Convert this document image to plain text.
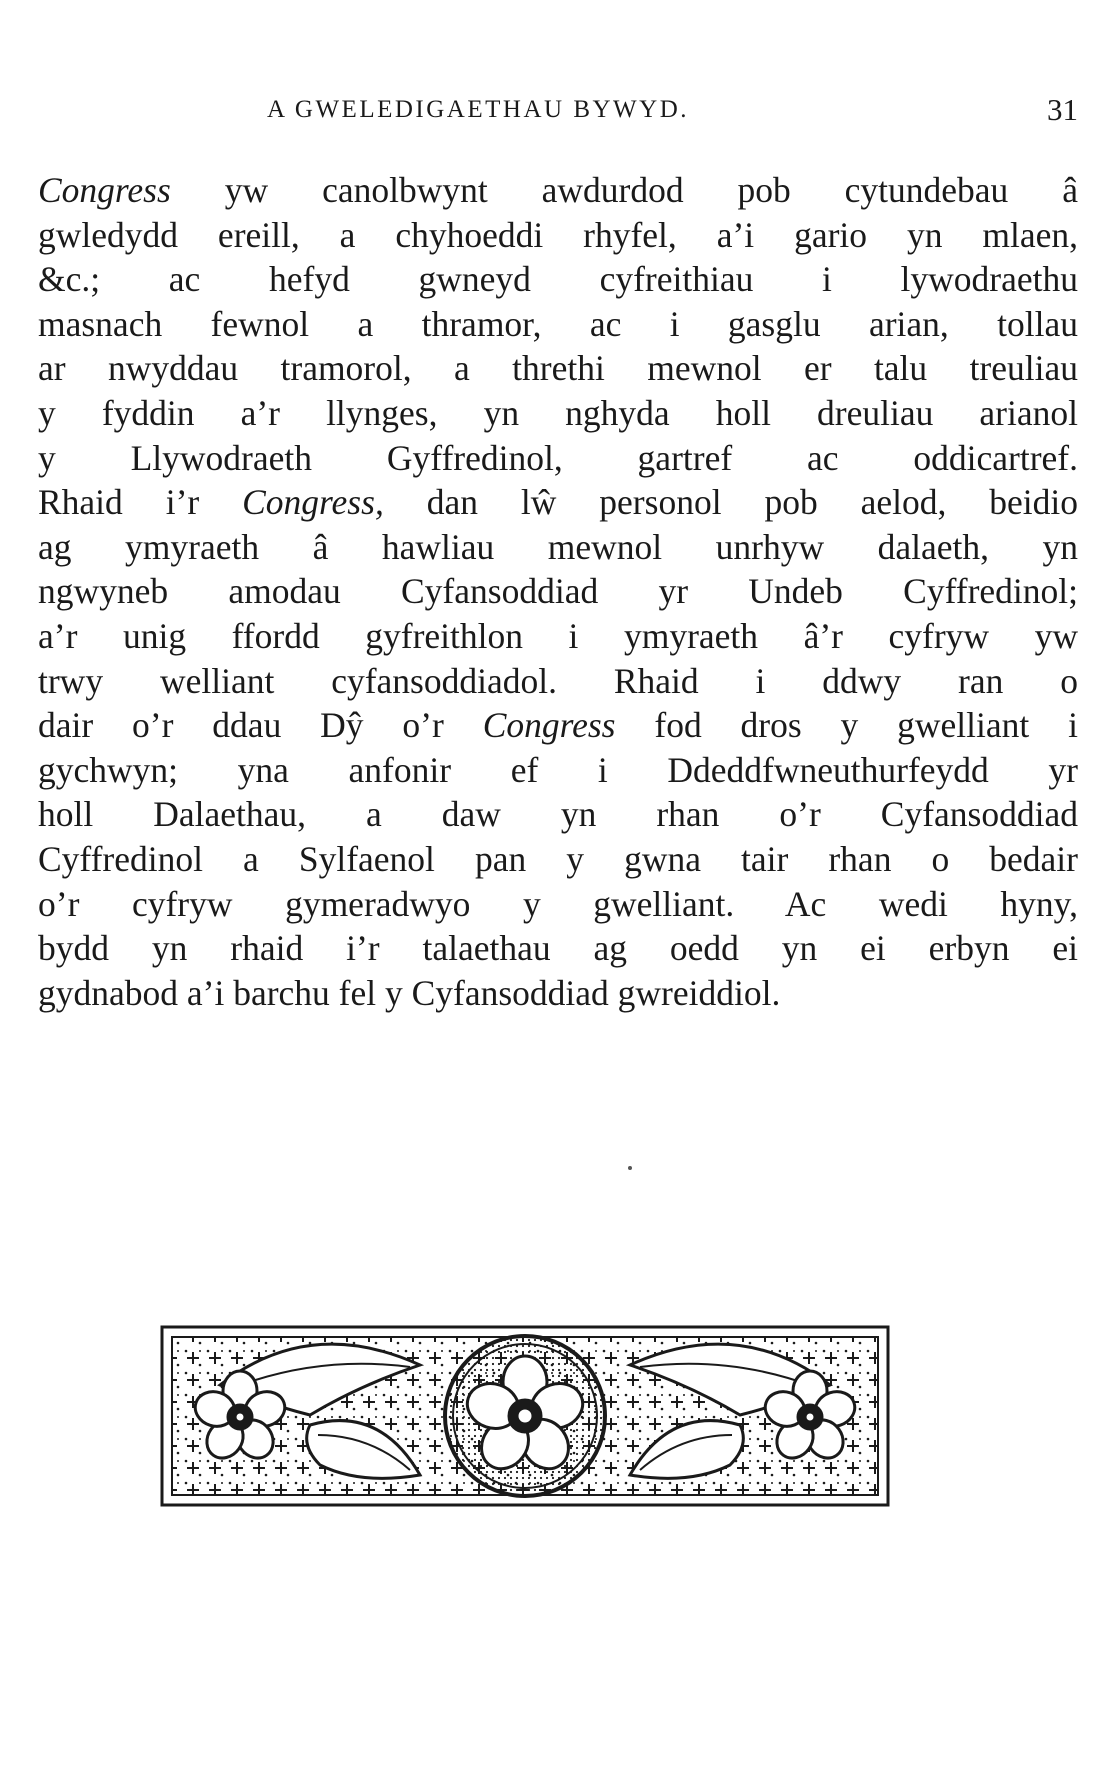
A GWELEDIGAETHAU BYWYD.	31
Congress yw canolbwynt awdurdod pob cytundebau â
gwledydd ereill, a chyhoeddi rhyfel, a’i gario yn mlaen,
&c.; ac hefyd gwneyd cyfreithiau i lywodraethu
masnach fewnol a thramor, ac i gasglu arian, tollau
ar nwyddau tramorol, a threthi mewnol er talu treuliau
y fyddin a’r llynges, yn nghyda holl dreuliau arianol
y Llywodraeth Gyffredinol, gartref ac oddicartref.
Rhaid i’r Congress, dan lŵ personol pob aelod, beidio
ag ymyraeth â hawliau mewnol unrhyw dalaeth, yn
ngwyneb amodau Cyfansoddiad yr Undeb Cyffredinol;
a’r unig ffordd gyfreithlon i ymyraeth â’r cyfryw yw
trwy welliant cyfansoddiadol. Rhaid i ddwy ran o
dair o’r ddau Dŷ o’r Congress fod dros y gwelliant i
gychwyn; yna anfonir ef i Ddeddfwneuthurfeydd yr
holl Dalaethau, a daw yn rhan o’r Cyfansoddiad
Cyffredinol a Sylfaenol pan y gwna tair rhan o bedair
o’r cyfryw gymeradwyo y gwelliant. Ac wedi hyny,
bydd yn rhaid i’r talaethau ag oedd yn ei erbyn ei
gydnabod a’i barchu fel y Cyfansoddiad gwreiddiol.
